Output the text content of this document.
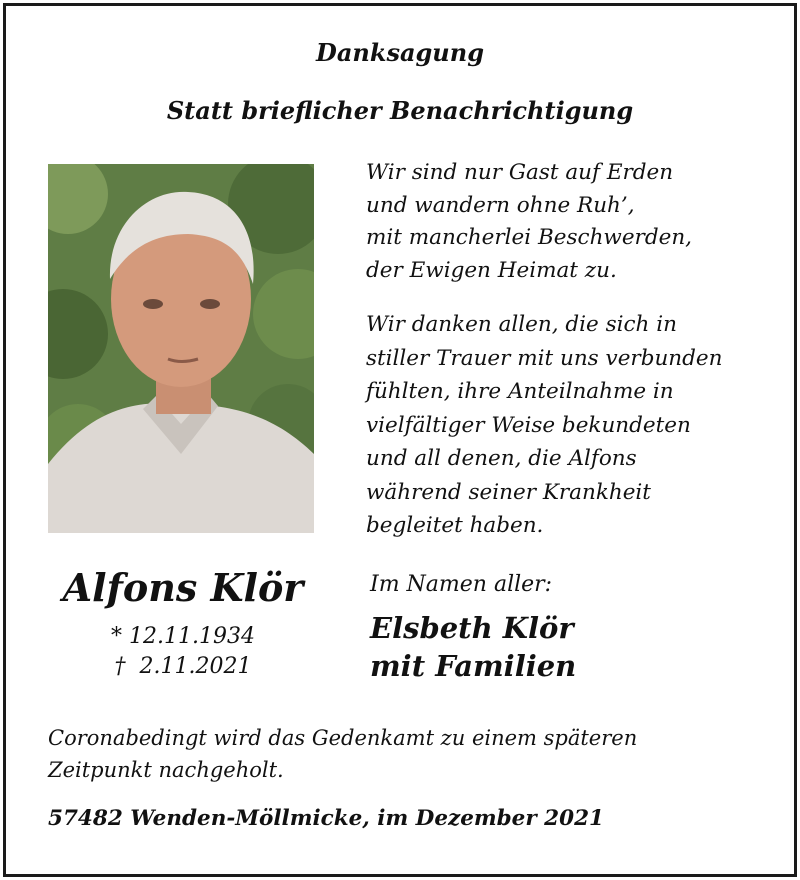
Danksagung
Statt brieflicher Benachrichtigung
Wir sind nur Gast auf Erden
und wandern ohne Ruh’,
mit mancherlei Beschwerden,
der Ewigen Heimat zu.
Wir danken allen, die sich in
stiller Trauer mit uns verbunden
fühlten, ihre Anteilnahme in
vielfältiger Weise bekundeten
und all denen, die Alfons
während seiner Krankheit
begleitet haben.
Alfons Klör
* 12.11.1934
†  2.11.2021
Im Namen aller:
Elsbeth Klör
mit Familien
Coronabedingt wird das Gedenkamt zu einem späteren
Zeitpunkt nachgeholt.
57482 Wenden-Möllmicke, im Dezember 2021
